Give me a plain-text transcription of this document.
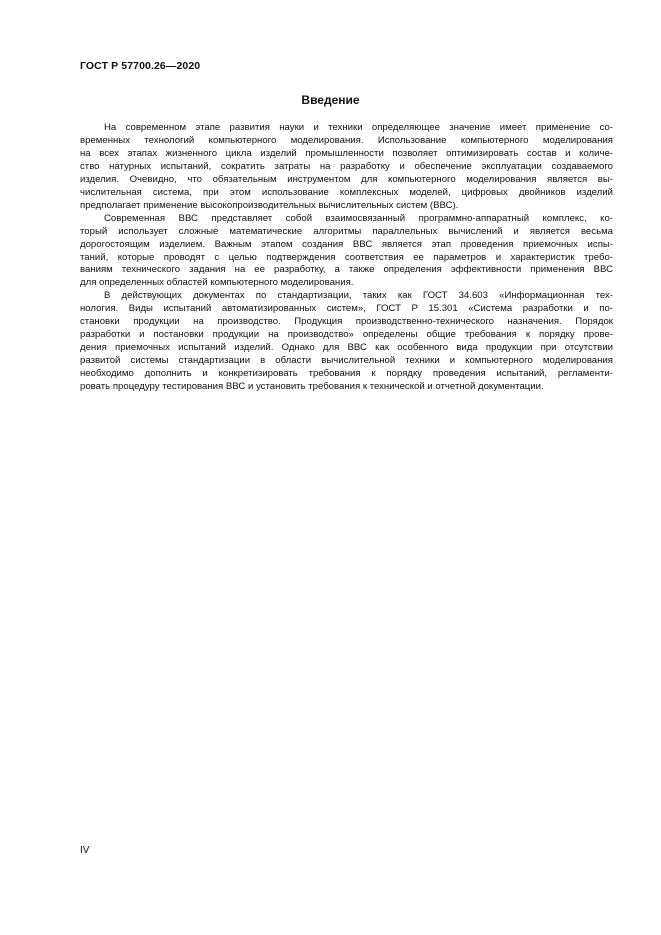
ГОСТ Р 57700.26—2020
Введение
На современном этапе развития науки и техники определяющее значение имеет применение со-
временных технологий компьютерного моделирования. Использование компьютерного моделирования
на всех этапах жизненного цикла изделий промышленности позволяет оптимизировать состав и количе-
ство натурных испытаний, сократить затраты на разработку и обеспечение эксплуатации создаваемого
изделия. Очевидно, что обязательным инструментом для компьютерного моделирования является вы-
числительная система, при этом использование комплексных моделей, цифровых двойников изделий
предполагает применение высокопроизводительных вычислительных систем (ВВС).
Современная ВВС представляет собой взаимосвязанный программно-аппаратный комплекс, ко-
торый использует сложные математические алгоритмы параллельных вычислений и является весьма
дорогостоящим изделием. Важным этапом создания ВВС является этап проведения приемочных испы-
таний, которые проводят с целью подтверждения соответствия ее параметров и характеристик требо-
ваниям технического задания на ее разработку, а также определения эффективности применения ВВС
для определенных областей компьютерного моделирования.
В действующих документах по стандартизации, таких как ГОСТ 34.603 «Информационная тех-
нология. Виды испытаний автоматизированных систем», ГОСТ Р 15.301 «Система разработки и по-
становки продукции на производство. Продукция производственно-технического назначения. Порядок
разработки и постановки продукции на производство» определены общие требования к порядку прове-
дения приемочных испытаний изделий. Однако для ВВС как особенного вида продукции при отсутствии
развитой системы стандартизации в области вычислительной техники и компьютерного моделирования
необходимо дополнить и конкретизировать требования к порядку проведения испытаний, регламенти-
ровать процедуру тестирования ВВС и установить требования к технической и отчетной документации.
IV
